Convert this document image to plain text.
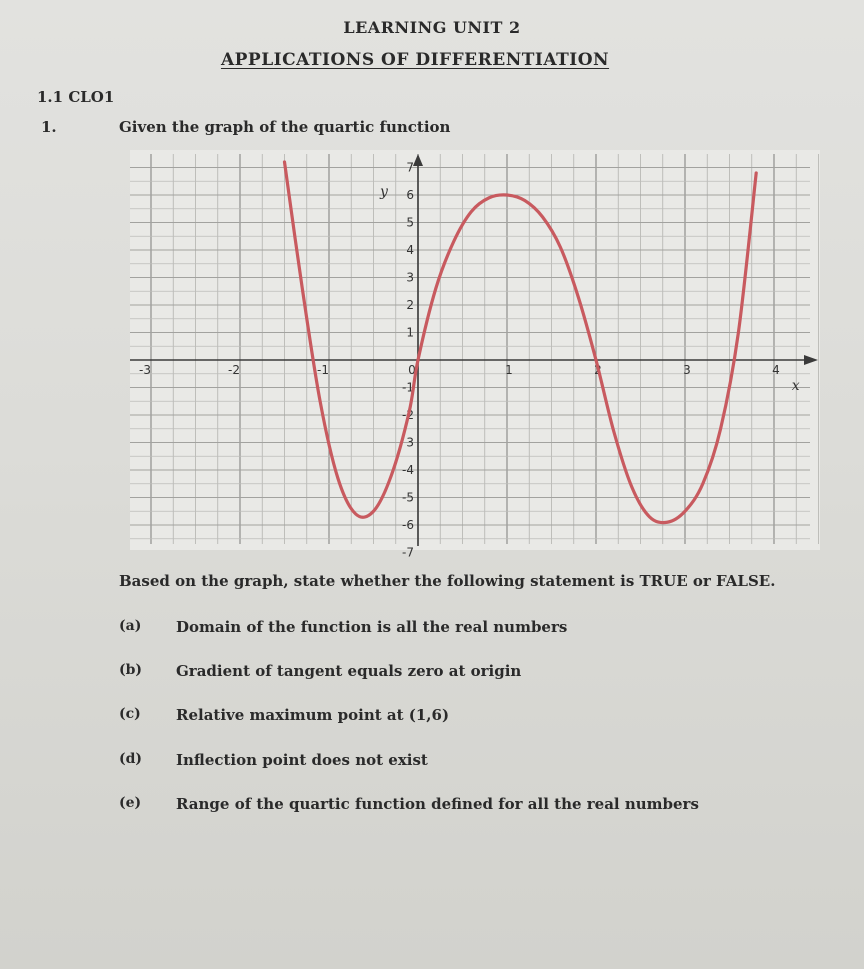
LEARNING UNIT 2
APPLICATIONS OF DIFFERENTIATION
1.1 CLO1
1.	Given the graph of the quartic function
-3	-2	-1	0	1	2	3	4
-7
-6
-5
-4
3
-2
-1
1
2
3
4
5
6
7
y
x
Based on the graph, state whether the following statement is TRUE or FALSE.
(a) Domain of the function is all the real numbers
(b) Gradient of tangent equals zero at origin
(c) Relative maximum point at (1,6)
(d) Inflection point does not exist
(e) Range of the quartic function defined for all the real numbers
